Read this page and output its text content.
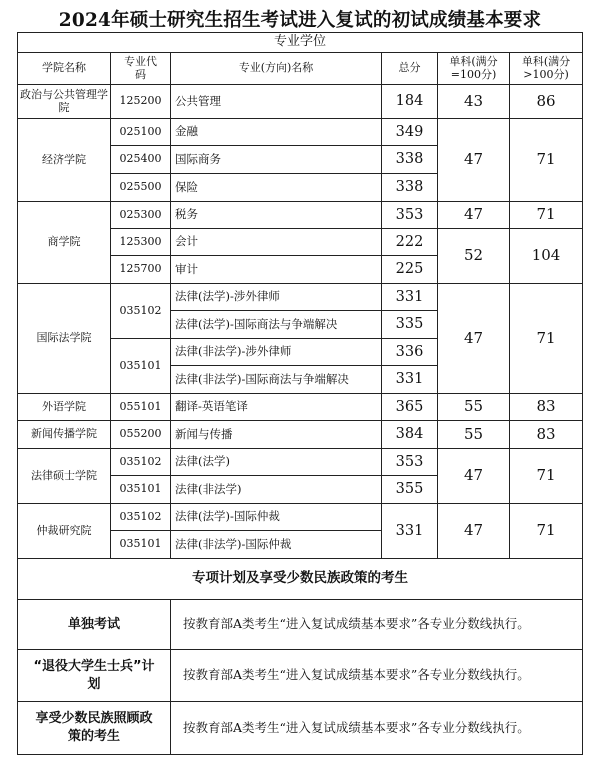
2024年硕士研究生招生考试进入复试的初试成绩基本要求
专业学位					
学院名称	专业代码	专业(方向)名称	总分	单科(满分=100分)	单科(满分>100分)
政治与公共管理学院	125200	公共管理	184	43	86
经济学院	025100	金融	349	47	71
	025400	国际商务	338		
	025500	保险	338		
商学院	025300	税务	353	47	71
	125300	会计	222	52	104
	125700	审计	225		
国际法学院	035102	法律(法学)-涉外律师	331	47	71
		法律(法学)-国际商法与争端解决	335		
	035101	法律(非法学)-涉外律师	336		
		法律(非法学)-国际商法与争端解决	331		
外语学院	055101	翻译-英语笔译	365	55	83
新闻传播学院	055200	新闻与传播	384	55	83
法律硕士学院	035102	法律(法学)	353	47	71
	035101	法律(非法学)	355		
仲裁研究院	035102	法律(法学)-国际仲裁	331	47	71
	035101	法律(非法学)-国际仲裁			
专项计划及享受少数民族政策的考生					
单独考试		按教育部A类考生“进入复试成绩基本要求”各专业分数线执行。			
“退役大学生士兵”计划		按教育部A类考生“进入复试成绩基本要求”各专业分数线执行。			
享受少数民族照顾政策的考生		按教育部A类考生“进入复试成绩基本要求”各专业分数线执行。			
